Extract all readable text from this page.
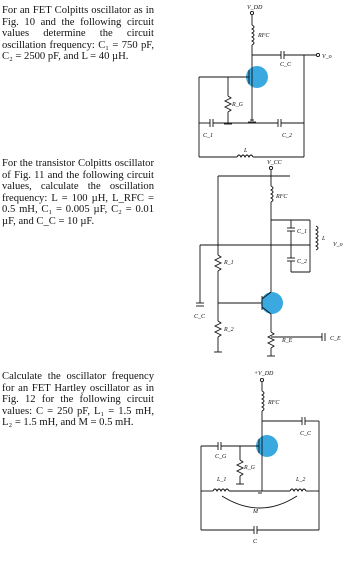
For an FET Colpitts oscillator as in Fig. 10 and the following circuit values determine the circuit oscillation frequency: C₁ = 750 pF, C₂ = 2500 pF, and L = 40 µH.

For the transistor Colpitts oscillator of Fig. 11 and the following circuit values, calculate the oscillation frequency: L = 100 µH, L_RFC = 0.5 mH, C₁ = 0.005 µF, C₂ = 0.01 µF, and C_C = 10 µF.

Calculate the oscillator frequency for an FET Hartley oscillator as in Fig. 12 for the following circuit values: C = 250 pF, L₁ = 1.5 mH, L₂ = 1.5 mH, and M = 0.5 mH.

V_DD
RFC
C_C
V_o
R_G
C_1	C_2
L
V_CC
RFC
C_1
C_2
L
V_o
R_1
C_C
R_2
R_E	C_E
+V_DD
RFC
C_C
R_G
C_G
L_1	L_2
M
C
